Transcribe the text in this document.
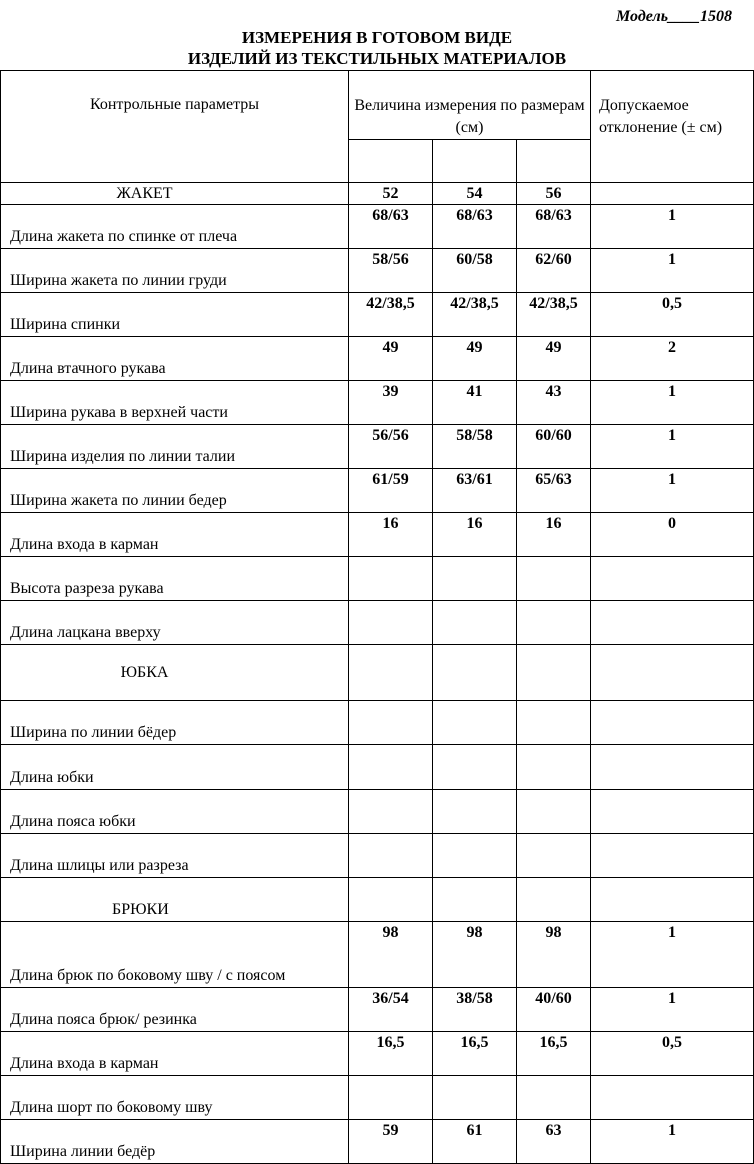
Модель____1508
ИЗМЕРЕНИЯ В ГОТОВОМ ВИДЕ
ИЗДЕЛИЙ ИЗ ТЕКСТИЛЬНЫХ МАТЕРИАЛОВ
Контрольные параметры	Величина измерения по размерам (см)			Допускаемое отклонение (± см)

ЖАКЕТ	52	54	56	
Длина жакета по спинке от плеча	68/63	68/63	68/63	1
Ширина жакета по линии груди	58/56	60/58	62/60	1
Ширина спинки	42/38,5	42/38,5	42/38,5	0,5
Длина втачного рукава	49	49	49	2
Ширина рукава в верхней части	39	41	43	1
Ширина изделия по линии талии	56/56	58/58	60/60	1
Ширина жакета по линии бедер	61/59	63/61	65/63	1
Длина входа в карман	16	16	16	0
Высота разреза рукава				
Длина лацкана вверху				
ЮБКА				
Ширина по линии бёдер				
Длина юбки				
Длина пояса юбки				
Длина шлицы или разреза				
БРЮКИ				
Длина брюк по боковому шву / с поясом	98	98	98	1
Длина пояса брюк/ резинка	36/54	38/58	40/60	1
Длина входа в карман	16,5	16,5	16,5	0,5
Длина шорт по боковому шву				
Ширина линии бедёр	59	61	63	1
